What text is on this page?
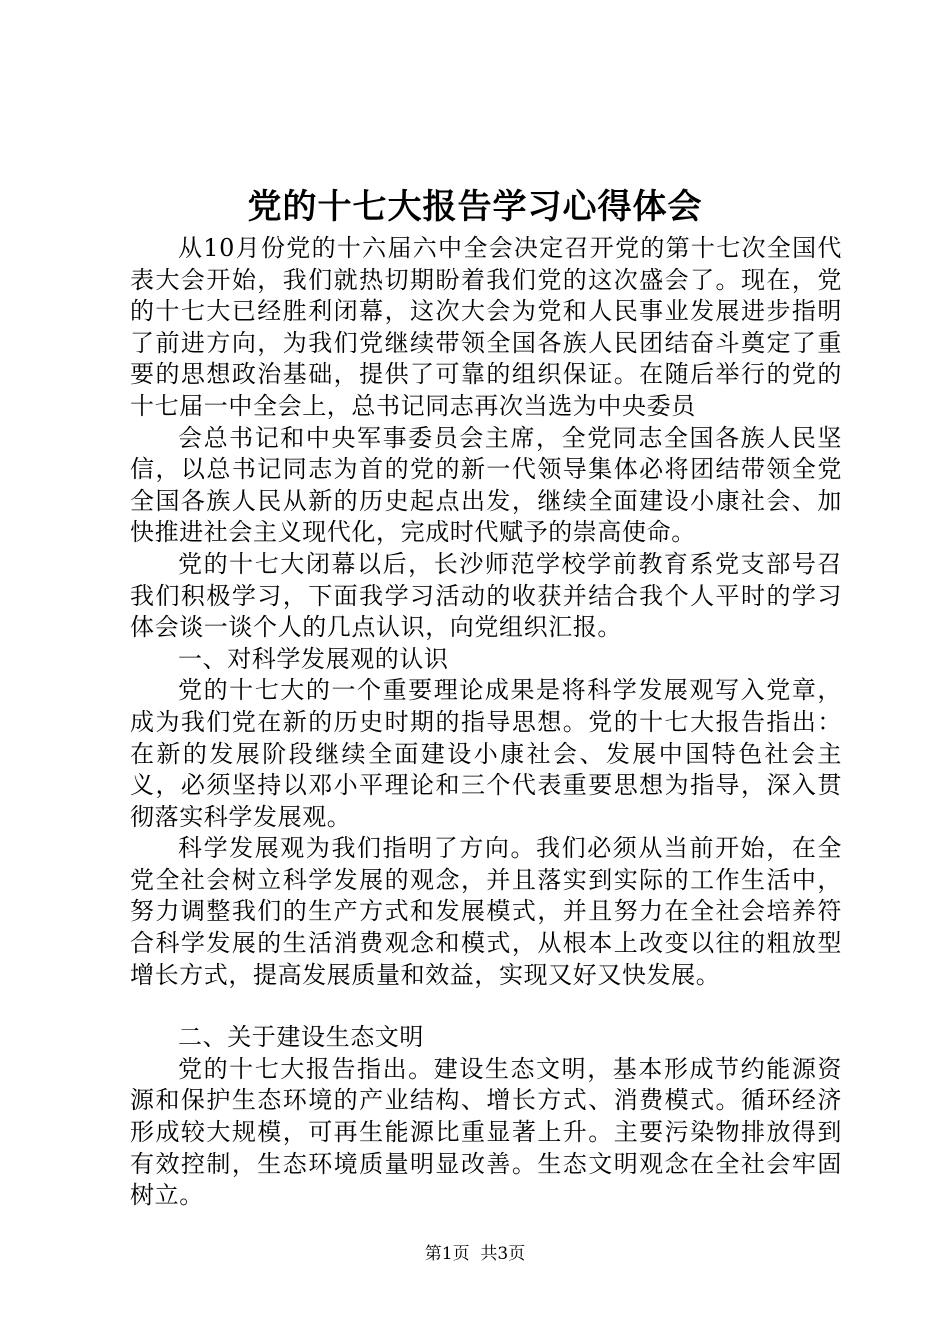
党的十七大报告学习心得体会

从10月份党的十六届六中全会决定召开党的第十七次全国代表大会开始，我们就热切期盼着我们党的这次盛会了。现在，党的十七大已经胜利闭幕，这次大会为党和人民事业发展进步指明了前进方向，为我们党继续带领全国各族人民团结奋斗奠定了重要的思想政治基础，提供了可靠的组织保证。在随后举行的党的十七届一中全会上，总书记同志再次当选为中央委员

会总书记和中央军事委员会主席，全党同志全国各族人民坚信，以总书记同志为首的党的新一代领导集体必将团结带领全党全国各族人民从新的历史起点出发，继续全面建设小康社会、加快推进社会主义现代化，完成时代赋予的崇高使命。

党的十七大闭幕以后，长沙师范学校学前教育系党支部号召我们积极学习，下面我学习活动的收获并结合我个人平时的学习体会谈一谈个人的几点认识，向党组织汇报。

一、对科学发展观的认识

党的十七大的一个重要理论成果是将科学发展观写入党章，成为我们党在新的历史时期的指导思想。党的十七大报告指出：在新的发展阶段继续全面建设小康社会、发展中国特色社会主义，必须坚持以邓小平理论和三个代表重要思想为指导，深入贯彻落实科学发展观。

科学发展观为我们指明了方向。我们必须从当前开始，在全党全社会树立科学发展的观念，并且落实到实际的工作生活中，努力调整我们的生产方式和发展模式，并且努力在全社会培养符合科学发展的生活消费观念和模式，从根本上改变以往的粗放型增长方式，提高发展质量和效益，实现又好又快发展。

二、关于建设生态文明

党的十七大报告指出。建设生态文明，基本形成节约能源资源和保护生态环境的产业结构、增长方式、消费模式。循环经济形成较大规模，可再生能源比重显著上升。主要污染物排放得到有效控制，生态环境质量明显改善。生态文明观念在全社会牢固树立。

第1页 共3页
